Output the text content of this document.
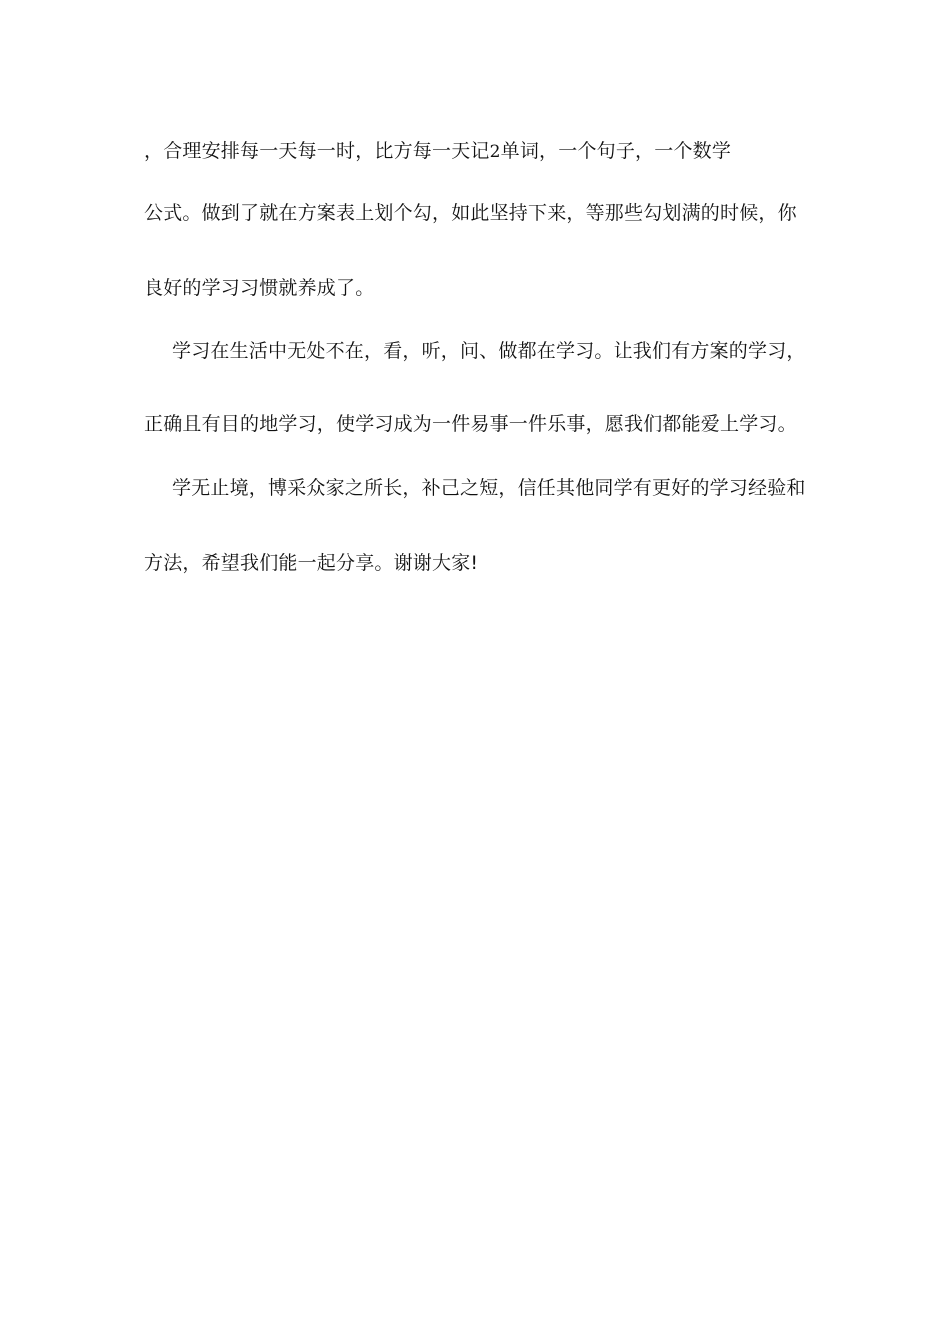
，合理安排每一天每一时，比方每一天记2单词，一个句子，一个数学
公式。做到了就在方案表上划个勾，如此坚持下来，等那些勾划满的时候，你
良好的学习习惯就养成了。
学习在生活中无处不在，看，听，问、做都在学习。让我们有方案的学习，
正确且有目的地学习，使学习成为一件易事一件乐事，愿我们都能爱上学习。
学无止境，博采众家之所长，补己之短，信任其他同学有更好的学习经验和
方法，希望我们能一起分享。谢谢大家!
